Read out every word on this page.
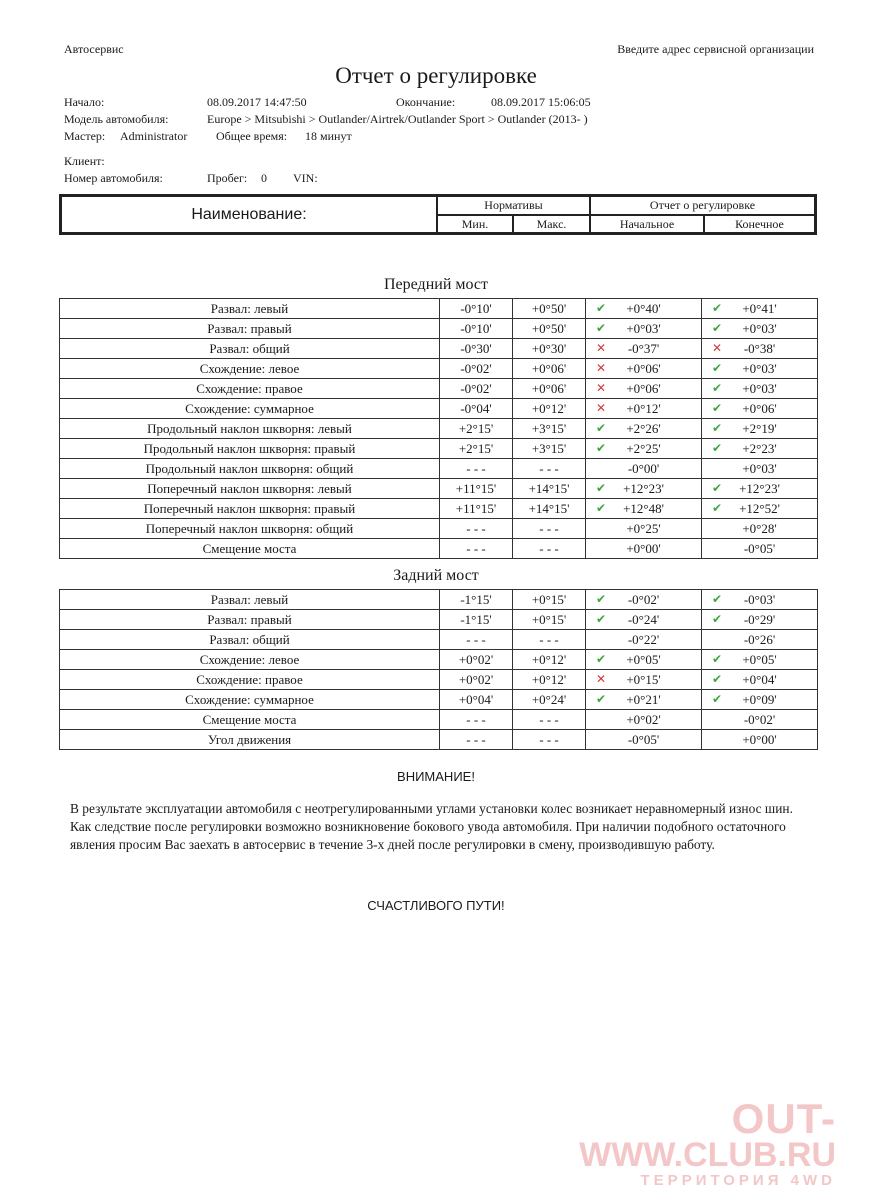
Автосервис	Введите адрес сервисной организации
Отчет о регулировке
Начало:	08.09.2017 14:47:50	Окончание:	08.09.2017 15:06:05
Модель автомобиля:	Europe > Mitsubishi > Outlander/Airtrek/Outlander Sport > Outlander (2013- )
Мастер: Administrator Общее время: 18 минут
Клиент:
Номер автомобиля:	Пробег: 0 VIN:
Наименование:
Нормативы	Отчет о регулировке
Мин.	Макс.	Начальное	Конечное
Передний мост
Развал: левый	-0°10'	+0°50'	✔ +0°40'	✔ +0°41'

Развал: правый	-0°10'	+0°50'	✔ +0°03'	✔ +0°03'

Развал: общий	-0°30'	+0°30'	✕ -0°37'	✕ -0°38'

Схождение: левое	-0°02'	+0°06'	✕ +0°06'	✔ +0°03'

Схождение: правое	-0°02'	+0°06'	✕ +0°06'	✔ +0°03'

Схождение: суммарное	-0°04'	+0°12'	✕ +0°12'	✔ +0°06'

Продольный наклон шкворня: левый	+2°15'	+3°15'	✔ +2°26'	✔ +2°19'

Продольный наклон шкворня: правый	+2°15'	+3°15'	✔ +2°25'	✔ +2°23'

Продольный наклон шкворня: общий	- - -	- - -	-0°00'	+0°03'

Поперечный наклон шкворня: левый	+11°15'	+14°15'	✔ +12°23'	✔ +12°23'

Поперечный наклон шкворня: правый	+11°15'	+14°15'	✔ +12°48'	✔ +12°52'

Поперечный наклон шкворня: общий	- - -	- - -	+0°25'	+0°28'

Смещение моста	- - -	- - -	+0°00'	-0°05'
Задний мост
Развал: левый	-1°15'	+0°15'	✔ -0°02'	✔ -0°03'

Развал: правый	-1°15'	+0°15'	✔ -0°24'	✔ -0°29'

Развал: общий	- - -	- - -	-0°22'	-0°26'

Схождение: левое	+0°02'	+0°12'	✔ +0°05'	✔ +0°05'

Схождение: правое	+0°02'	+0°12'	✕ +0°15'	✔ +0°04'

Схождение: суммарное	+0°04'	+0°24'	✔ +0°21'	✔ +0°09'

Смещение моста	- - -	- - -	+0°02'	-0°02'

Угол движения	- - -	- - -	-0°05'	+0°00'
ВНИМАНИЕ!
В результате эксплуатации автомобиля с неотрегулированными углами установки колес возникает неравномерный износ шин. Как следствие после регулировки возможно возникновение бокового увода автомобиля. При наличии подобного остаточного явления просим Вас заехать в автосервис в течение 3-х дней после регулировки в смену, производившую работу.
СЧАСТЛИВОГО ПУТИ!
OUT-
WWW.CLUB.RU
ТЕРРИТОРИЯ 4WD
